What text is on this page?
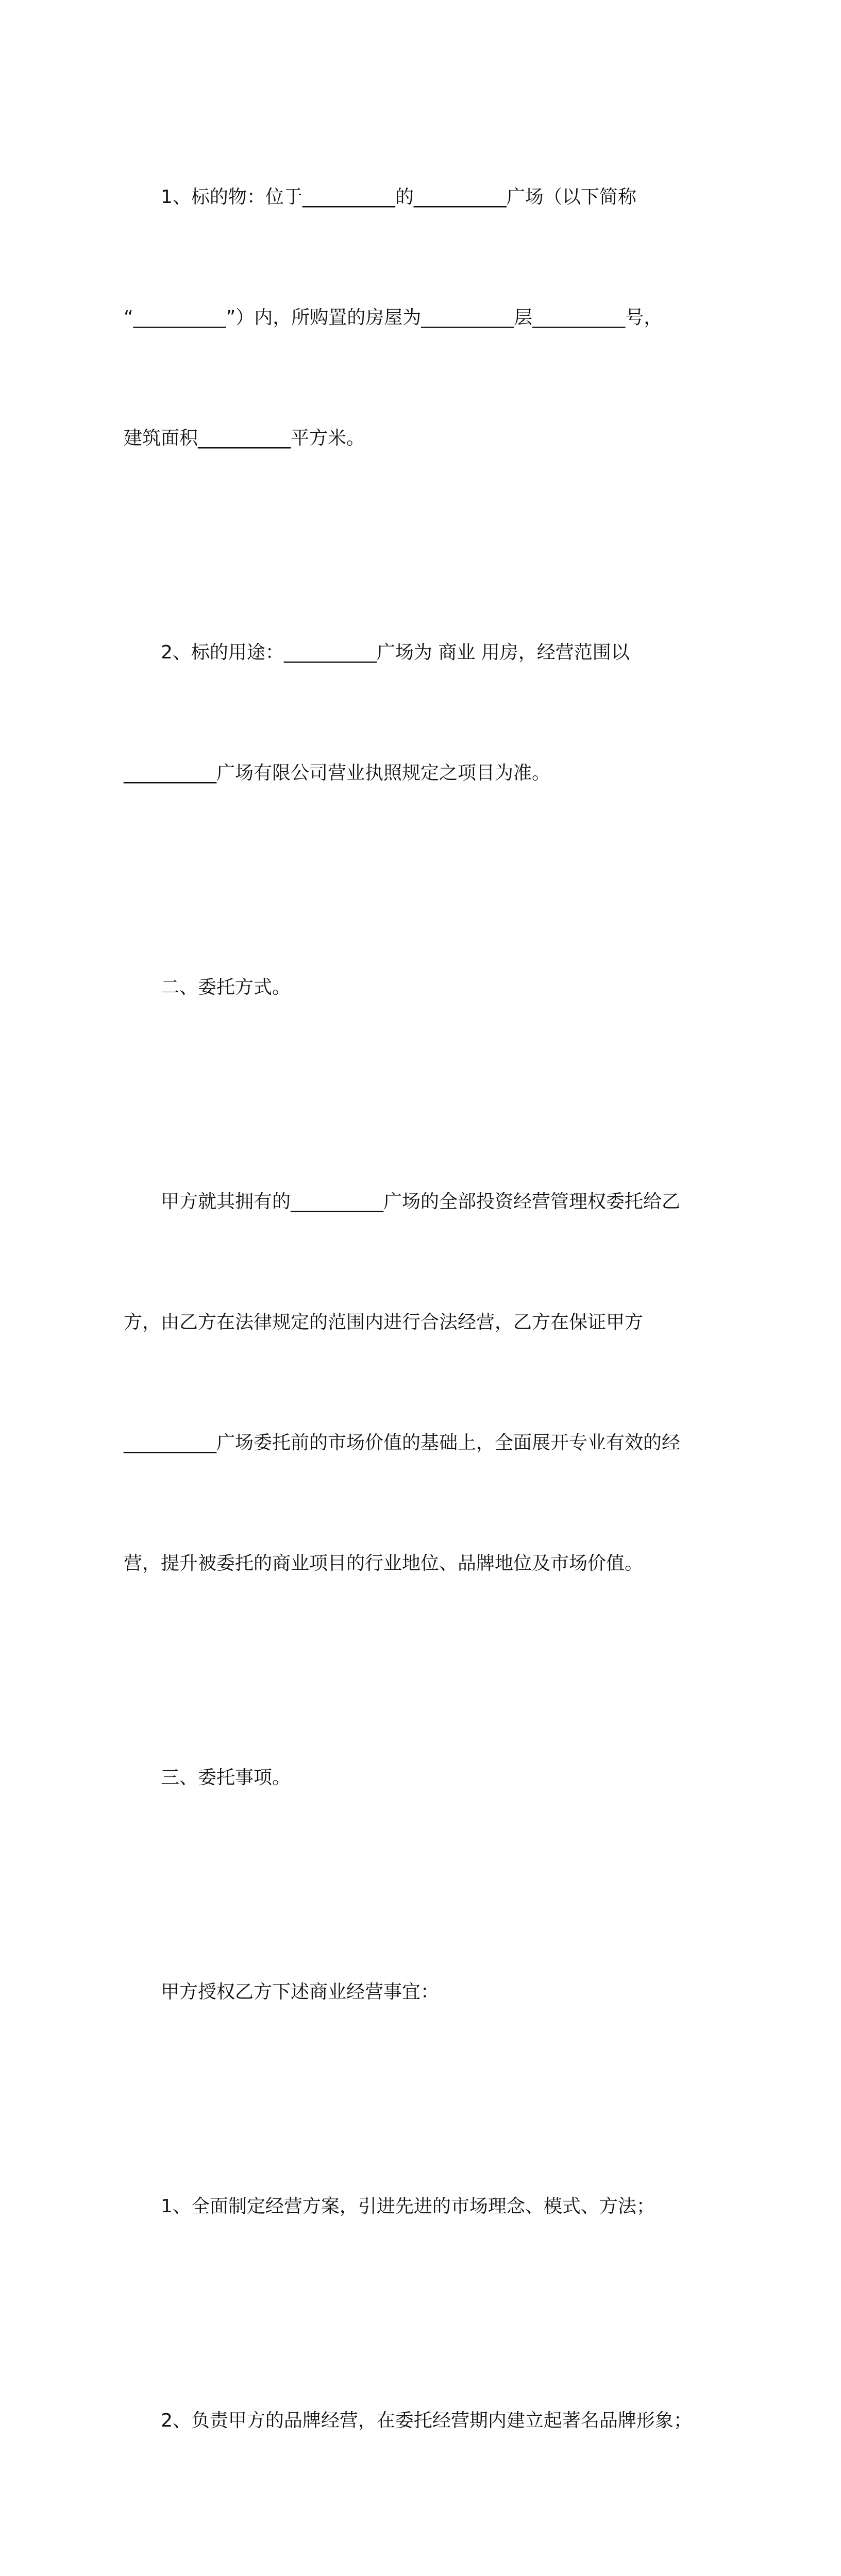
1、标的物：位于__________的__________广场（以下简称

“__________”）内，所购置的房屋为__________层__________号，

建筑面积__________平方米。

2、标的用途：__________广场为 商业 用房，经营范围以

__________广场有限公司营业执照规定之项目为准。

二、委托方式。

甲方就其拥有的__________广场的全部投资经营管理权委托给乙

方，由乙方在法律规定的范围内进行合法经营，乙方在保证甲方

__________广场委托前的市场价值的基础上，全面展开专业有效的经

营，提升被委托的商业项目的行业地位、品牌地位及市场价值。

三、委托事项。

甲方授权乙方下述商业经营事宜：

1、全面制定经营方案，引进先进的市场理念、模式、方法；

2、负责甲方的品牌经营，在委托经营期内建立起著名品牌形象；
